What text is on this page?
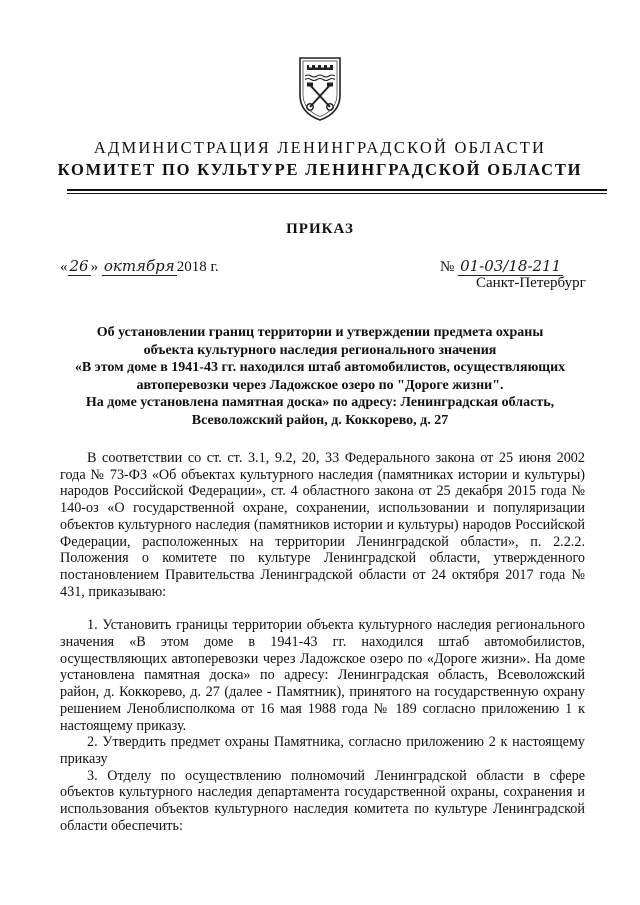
АДМИНИСТРАЦИЯ ЛЕНИНГРАДСКОЙ ОБЛАСТИ
КОМИТЕТ ПО КУЛЬТУРЕ ЛЕНИНГРАДСКОЙ ОБЛАСТИ
ПРИКАЗ
« 26 » октября 2018 г.	№ 01-03/18-211
Санкт-Петербург
Об установлении границ территории и утверждении предмета охраны
объекта культурного наследия регионального значения
«В этом доме в 1941-43 гг. находился штаб автомобилистов, осуществляющих
автоперевозки через Ладожское озеро по "Дороге жизни".
На доме установлена памятная доска» по адресу: Ленинградская область,
Всеволожский район, д. Коккорево, д. 27

В соответствии со ст. ст. 3.1, 9.2, 20, 33 Федерального закона от 25 июня 2002 года № 73-ФЗ «Об объектах культурного наследия (памятниках истории и культуры) народов Российской Федерации», ст. 4 областного закона от 25 декабря 2015 года № 140-оз «О государственной охране, сохранении, использовании и популяризации объектов культурного наследия (памятников истории и культуры) народов Российской Федерации, расположенных на территории Ленинградской области», п. 2.2.2. Положения о комитете по культуре Ленинградской области, утвержденного постановлением Правительства Ленинградской области от 24 октября 2017 года № 431, приказываю:

1. Установить границы территории объекта культурного наследия регионального значения «В этом доме в 1941-43 гг. находился штаб автомобилистов, осуществляющих автоперевозки через Ладожское озеро по «Дороге жизни». На доме установлена памятная доска» по адресу: Ленинградская область, Всеволожский район, д. Коккорево, д. 27 (далее - Памятник), принятого на государственную охрану решением Леноблисполкома от 16 мая 1988 года № 189 согласно приложению 1 к настоящему приказу.

2. Утвердить предмет охраны Памятника, согласно приложению 2 к настоящему приказу

3. Отделу по осуществлению полномочий Ленинградской области в сфере объектов культурного наследия департамента государственной охраны, сохранения и использования объектов культурного наследия комитета по культуре Ленинградской области обеспечить:
